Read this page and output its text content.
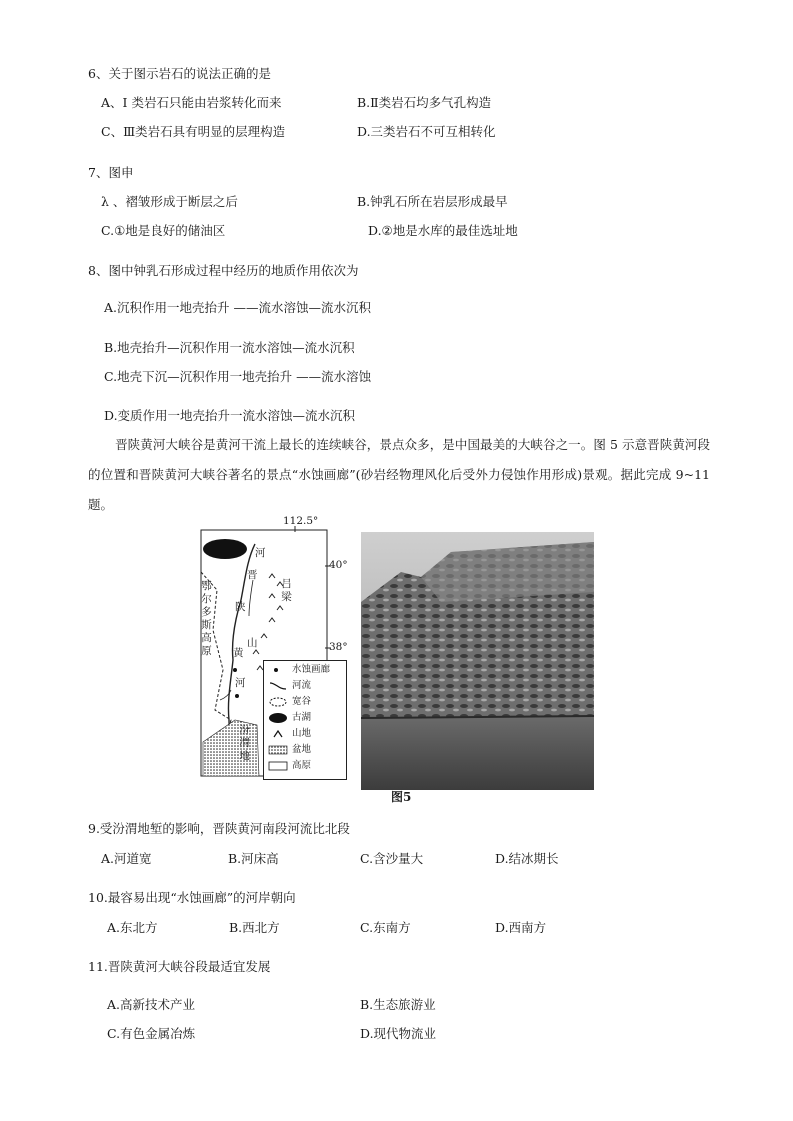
6、关于图示岩石的说法正确的是
A、I 类岩石只能由岩浆转化而来	B.Ⅱ类岩石均多气孔构造
C、Ⅲ类岩石具有明显的层理构造	D.三类岩石不可互相转化
7、图申
λ 、褶皱形成于断层之后	B.钟乳石所在岩层形成最早
C.①地是良好的储油区	D.②地是水库的最佳选址地
8、图中钟乳石形成过程中经历的地质作用依次为
A.沉积作用一地壳抬升 ——流水溶蚀—流水沉积
B.地壳抬升—沉积作用一流水溶蚀—流水沉积
C.地壳下沉—沉积作用一地壳抬升 ——流水溶蚀
D.变质作用一地壳抬升一流水溶蚀—流水沉积
晋陕黄河大峡谷是黄河干流上最长的连续峡谷，景点众多，是中国最美的大峡谷之一。图 5 示意晋陕黄河段的位置和晋陕黄河大峡谷著名的景点“水蚀画廊”(砂岩经物理风化后受外力侵蚀作用形成)景观。据此完成 9~11 题。
112.5°
40°
38°
鄂尔多斯高原
河
晋
吕梁
陕
山
黄
河
汾渭地
水蚀画廊
河流
宽谷
古湖
山地
盆地
高原
图5
9.受汾渭地堑的影响，晋陕黄河南段河流比北段
A.河道宽	B.河床高	C.含沙量大	D.结冰期长
10.最容易出现“水蚀画廊”的河岸朝向
A.东北方	B.西北方	C.东南方	D.西南方
11.晋陕黄河大峡谷段最适宜发展
A.高新技术产业	B.生态旅游业
C.有色金属冶炼	D.现代物流业
